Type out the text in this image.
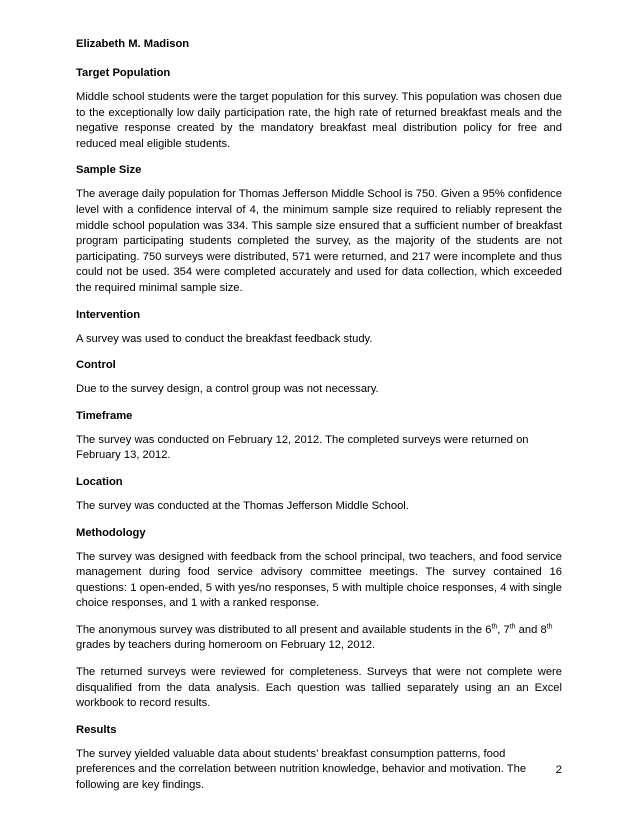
Elizabeth M. Madison
Target Population

Middle school students were the target population for this survey. This population was chosen due to the exceptionally low daily participation rate, the high rate of returned breakfast meals and the negative response created by the mandatory breakfast meal distribution policy for free and reduced meal eligible students.

Sample Size

The average daily population for Thomas Jefferson Middle School is 750. Given a 95% confidence level with a confidence interval of 4, the minimum sample size required to reliably represent the middle school population was 334. This sample size ensured that a sufficient number of breakfast program participating students completed the survey, as the majority of the students are not participating. 750 surveys were distributed, 571 were returned, and 217 were incomplete and thus could not be used. 354 were completed accurately and used for data collection, which exceeded the required minimal sample size.

Intervention

A survey was used to conduct the breakfast feedback study.

Control

Due to the survey design, a control group was not necessary.

Timeframe

The survey was conducted on February 12, 2012. The completed surveys were returned on February 13, 2012.

Location

The survey was conducted at the Thomas Jefferson Middle School.

Methodology

The survey was designed with feedback from the school principal, two teachers, and food service management during food service advisory committee meetings. The survey contained 16 questions: 1 open-ended, 5 with yes/no responses, 5 with multiple choice responses, 4 with single choice responses, and 1 with a ranked response.

The anonymous survey was distributed to all present and available students in the 6th, 7th and 8th grades by teachers during homeroom on February 12, 2012.

The returned surveys were reviewed for completeness. Surveys that were not complete were disqualified from the data analysis. Each question was tallied separately using an an Excel workbook to record results.

Results

The survey yielded valuable data about students’ breakfast consumption patterns, food preferences and the correlation between nutrition knowledge, behavior and motivation. The following are key findings.

2
